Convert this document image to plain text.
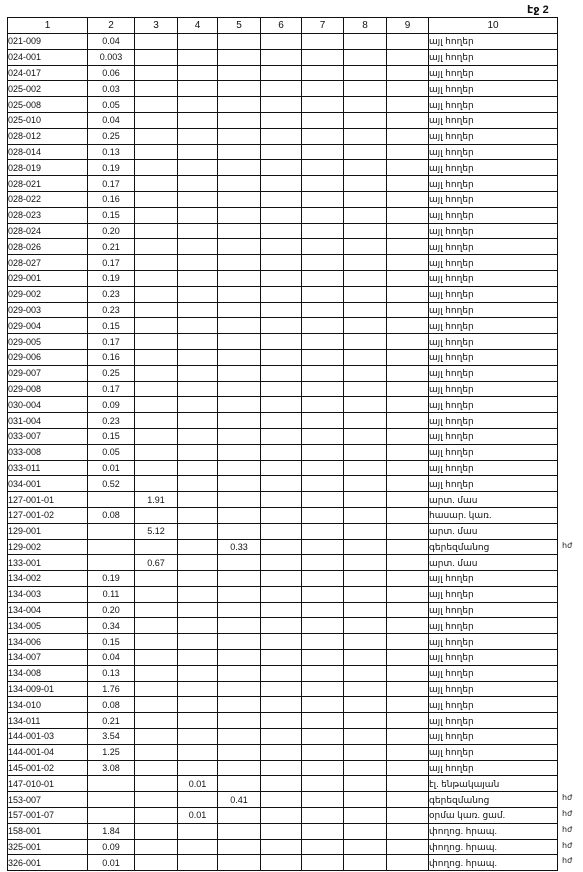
էջ 2
1	2	3	4	5	6	7	8	9	10
021-009	0.04								այլ հողեր
024-001	0.003								այլ հողեր
024-017	0.06								այլ հողեր
025-002	0.03								այլ հողեր
025-008	0.05								այլ հողեր
025-010	0.04								այլ հողեր
028-012	0.25								այլ հողեր
028-014	0.13								այլ հողեր
028-019	0.19								այլ հողեր
028-021	0.17								այլ հողեր
028-022	0.16								այլ հողեր
028-023	0.15								այլ հողեր
028-024	0.20								այլ հողեր
028-026	0.21								այլ հողեր
028-027	0.17								այլ հողեր
029-001	0.19								այլ հողեր
029-002	0.23								այլ հողեր
029-003	0.23								այլ հողեր
029-004	0.15								այլ հողեր
029-005	0.17								այլ հողեր
029-006	0.16								այլ հողեր
029-007	0.25								այլ հողեր
029-008	0.17								այլ հողեր
030-004	0.09								այլ հողեր
031-004	0.23								այլ հողեր
033-007	0.15								այլ հողեր
033-008	0.05								այլ հողեր
033-011	0.01								այլ հողեր
034-001	0.52								այլ հողեր
127-001-01		1.91							արտ. մաս
127-001-02	0.08								հասար. կառ.
129-001		5.12							արտ. մաս
129-002				0.33					գերեզմանոց
133-001		0.67							արտ. մաս
134-002	0.19								այլ հողեր
134-003	0.11								այլ հողեր
134-004	0.20								այլ հողեր
134-005	0.34								այլ հողեր
134-006	0.15								այլ հողեր
134-007	0.04								այլ հողեր
134-008	0.13								այլ հողեր
134-009-01	1.76								այլ հողեր
134-010	0.08								այլ հողեր
134-011	0.21								այլ հողեր
144-001-03	3.54								այլ հողեր
144-001-04	1.25								այլ հողեր
145-001-02	3.08								այլ հողեր
147-010-01			0.01						էլ. ենթակայան
153-007				0.41					գերեզմանոց
157-001-07			0.01						օրմա կառ. ցամ.
158-001	1.84								փողոց. հրապ.
325-001	0.09								փողոց. հրապ.
326-001	0.01								փողոց. հրապ.
հժ
հժ
հժ
հժ
հժ
հժ
